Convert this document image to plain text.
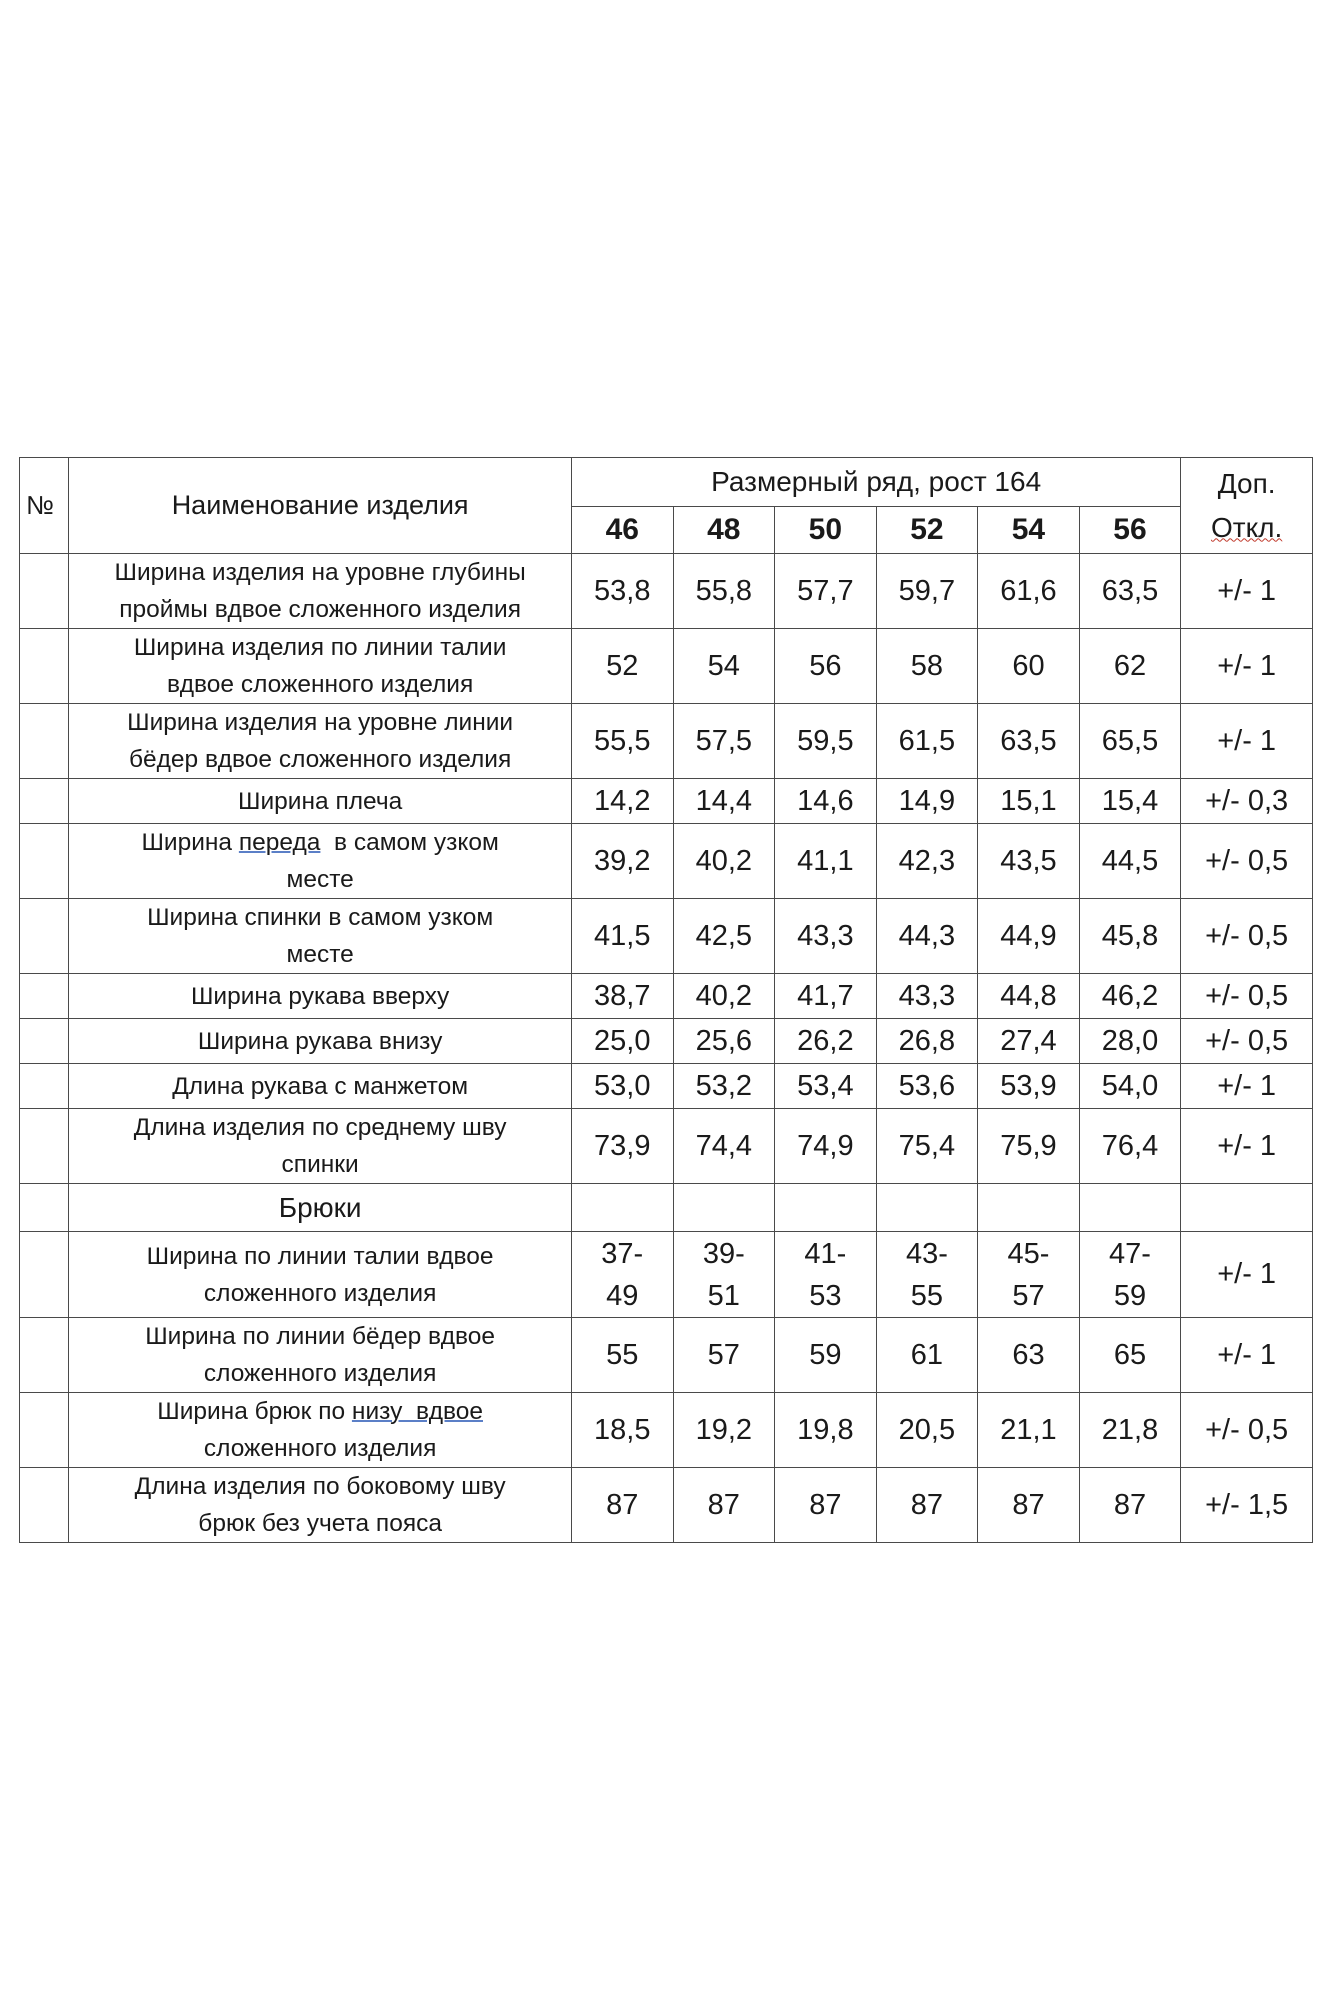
№	Наименование изделия	Размерный ряд, рост 164						Доп.
Откл.
		46	48	50	52	54	56	
	Ширина изделия на уровне глубины
проймы вдвое сложенного изделия	53,8	55,8	57,7	59,7	61,6	63,5	+/- 1
	Ширина изделия по линии талии
вдвое сложенного изделия	52	54	56	58	60	62	+/- 1
	Ширина изделия на уровне линии
бёдер вдвое сложенного изделия	55,5	57,5	59,5	61,5	63,5	65,5	+/- 1
	Ширина плеча	14,2	14,4	14,6	14,9	15,1	15,4	+/- 0,3
	Ширина переда  в самом узком
месте	39,2	40,2	41,1	42,3	43,5	44,5	+/- 0,5
	Ширина спинки в самом узком
месте	41,5	42,5	43,3	44,3	44,9	45,8	+/- 0,5
	Ширина рукава вверху	38,7	40,2	41,7	43,3	44,8	46,2	+/- 0,5
	Ширина рукава внизу	25,0	25,6	26,2	26,8	27,4	28,0	+/- 0,5
	Длина рукава с манжетом	53,0	53,2	53,4	53,6	53,9	54,0	+/- 1
	Длина изделия по среднему шву
спинки	73,9	74,4	74,9	75,4	75,9	76,4	+/- 1
	Брюки							
	Ширина по линии талии вдвое
сложенного изделия	37-
49	39-
51	41-
53	43-
55	45-
57	47-
59	+/- 1
	Ширина по линии бёдер вдвое
сложенного изделия	55	57	59	61	63	65	+/- 1
	Ширина брюк по низу  вдвое
сложенного изделия	18,5	19,2	19,8	20,5	21,1	21,8	+/- 0,5
	Длина изделия по боковому шву
брюк без учета пояса	87	87	87	87	87	87	+/- 1,5
